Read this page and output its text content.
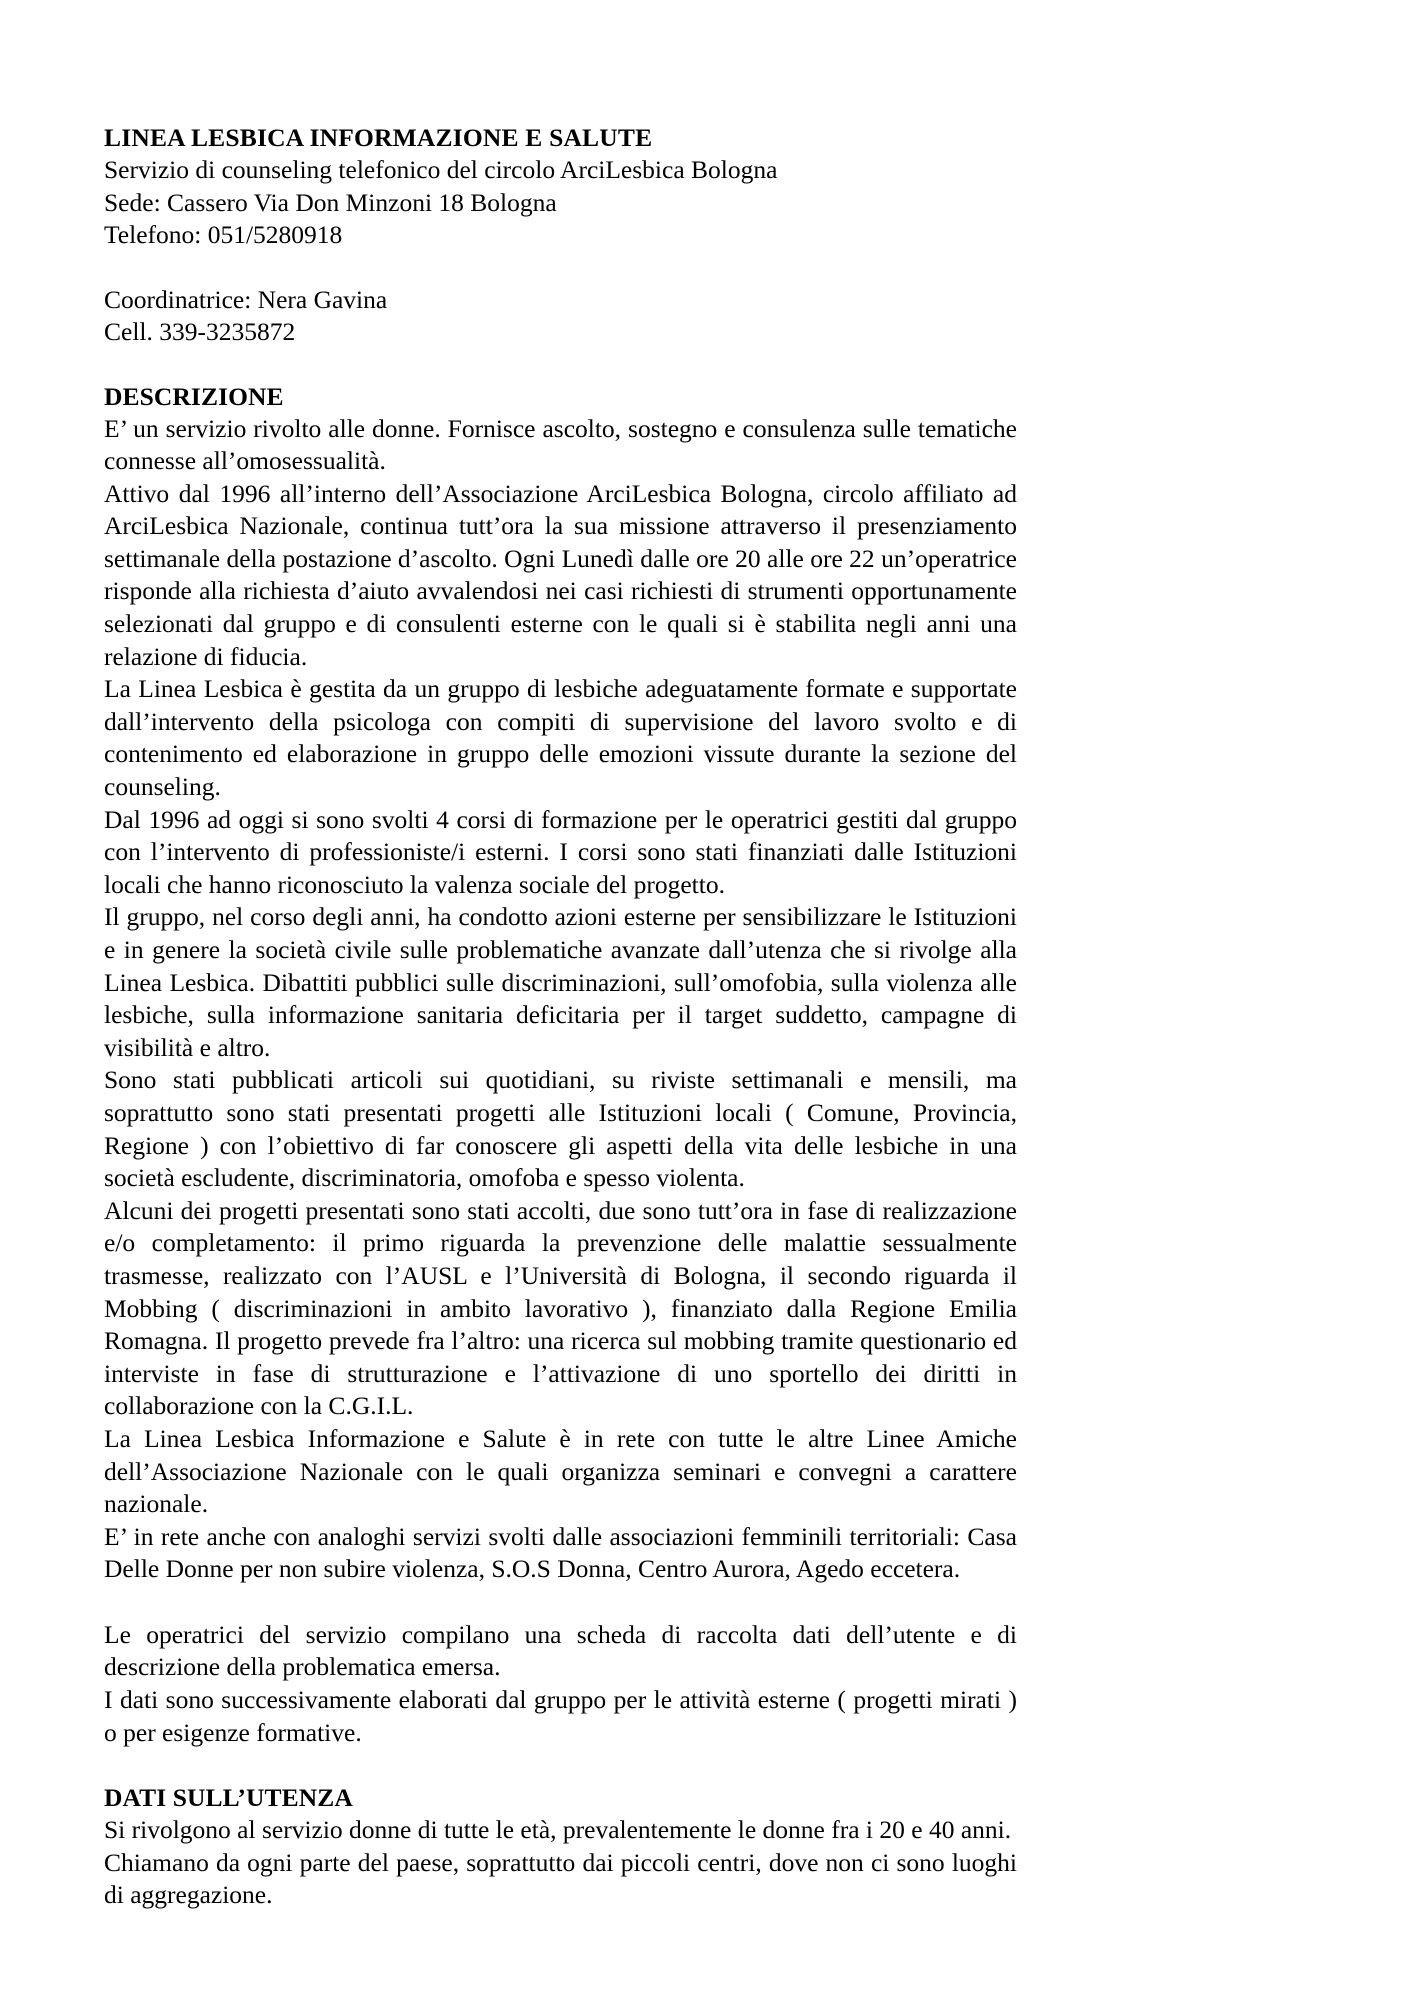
LINEA LESBICA INFORMAZIONE E SALUTE

Servizio di counseling telefonico del circolo ArciLesbica Bologna

Sede: Cassero Via Don Minzoni 18 Bologna

Telefono: 051/5280918

Coordinatrice: Nera Gavina

Cell. 339-3235872

DESCRIZIONE

E’ un servizio rivolto alle donne. Fornisce ascolto, sostegno e consulenza sulle tematiche connesse all’omosessualità.

Attivo dal 1996 all’interno dell’Associazione ArciLesbica Bologna, circolo affiliato ad ArciLesbica Nazionale, continua tutt’ora la sua missione attraverso il presenziamento settimanale della postazione d’ascolto. Ogni Lunedì dalle ore 20 alle ore 22 un’operatrice risponde alla richiesta d’aiuto avvalendosi nei casi richiesti di strumenti opportunamente selezionati dal gruppo e di consulenti esterne con le quali si è stabilita negli anni una relazione di fiducia.

La Linea Lesbica è gestita da un gruppo di lesbiche adeguatamente formate e supportate dall’intervento della psicologa con compiti di supervisione del lavoro svolto e di contenimento ed elaborazione in gruppo delle emozioni vissute durante la sezione del counseling.

Dal 1996 ad oggi si sono svolti 4 corsi di formazione per le operatrici gestiti dal gruppo con l’intervento di professioniste/i esterni. I corsi sono stati finanziati dalle Istituzioni locali che hanno riconosciuto la valenza sociale del progetto.

Il gruppo, nel corso degli anni, ha condotto azioni esterne per sensibilizzare le Istituzioni e in genere la società civile sulle problematiche avanzate dall’utenza che si rivolge alla Linea Lesbica. Dibattiti pubblici sulle discriminazioni, sull’omofobia, sulla violenza alle lesbiche, sulla informazione sanitaria deficitaria per il target suddetto, campagne di visibilità e altro.

Sono stati pubblicati articoli sui quotidiani, su riviste settimanali e mensili, ma soprattutto sono stati presentati progetti alle Istituzioni locali ( Comune, Provincia, Regione ) con l’obiettivo di far conoscere gli aspetti della vita delle lesbiche in una società escludente, discriminatoria, omofoba e spesso violenta.

Alcuni dei progetti presentati sono stati accolti, due sono tutt’ora in fase di realizzazione e/o completamento: il primo riguarda la prevenzione delle malattie sessualmente trasmesse, realizzato con l’AUSL e l’Università di Bologna, il secondo riguarda il Mobbing ( discriminazioni in ambito lavorativo ), finanziato dalla Regione Emilia Romagna. Il progetto prevede fra l’altro: una ricerca sul mobbing tramite questionario ed interviste in fase di strutturazione e l’attivazione di uno sportello dei diritti in collaborazione con la C.G.I.L.

La Linea Lesbica Informazione e Salute è in rete con tutte le altre Linee Amiche dell’Associazione Nazionale con le quali organizza seminari e convegni a carattere nazionale.

E’ in rete anche con analoghi servizi svolti dalle associazioni femminili territoriali: Casa Delle Donne per non subire violenza, S.O.S Donna, Centro Aurora, Agedo eccetera.

Le operatrici del servizio compilano una scheda di raccolta dati dell’utente e di descrizione della problematica emersa.

I dati sono successivamente elaborati dal gruppo per le attività esterne ( progetti mirati ) o per esigenze formative.

DATI SULL’UTENZA

Si rivolgono al servizio donne di tutte le età, prevalentemente le donne fra i 20 e 40 anni.

Chiamano da ogni parte del paese, soprattutto dai piccoli centri, dove non ci sono luoghi di aggregazione.
